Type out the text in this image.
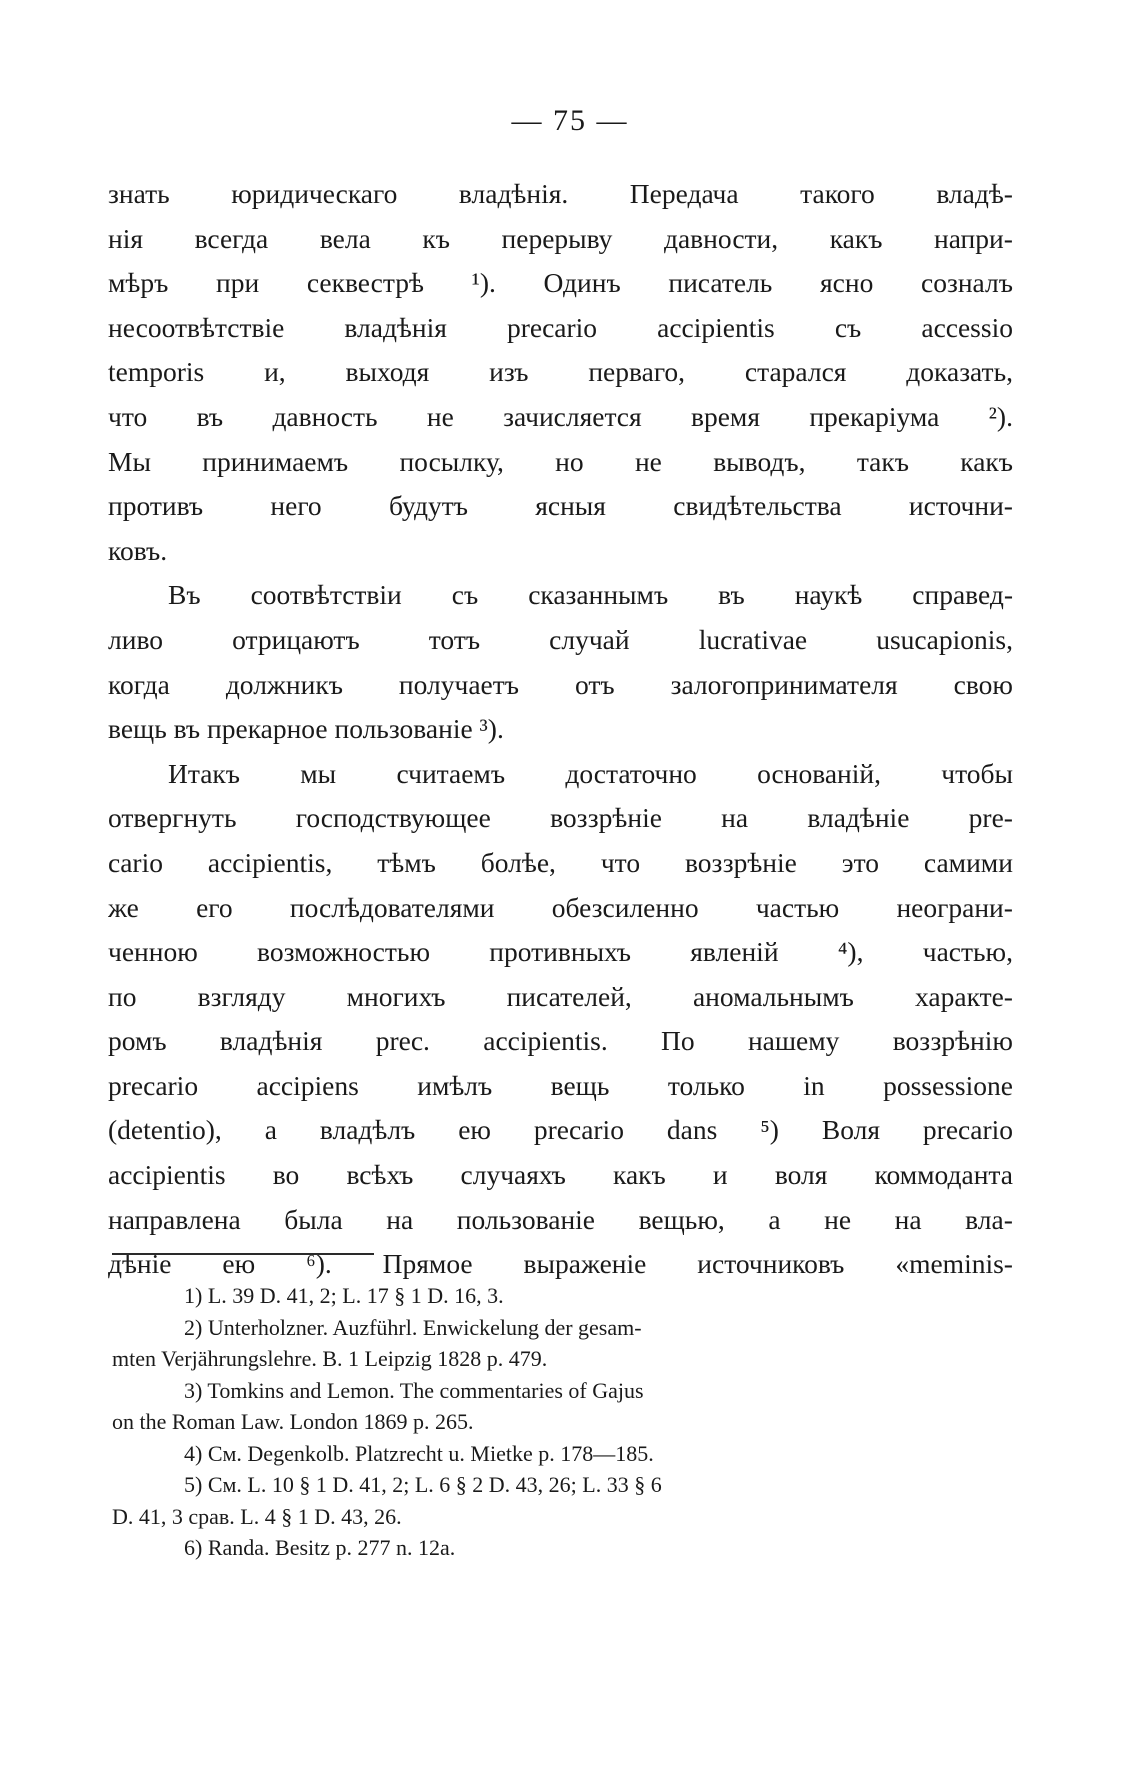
— 75 —
знать юридическаго владѣнія. Передача такого владѣ-
нія всегда вела къ перерыву давности, какъ напри-
мѣръ при секвестрѣ ¹). Одинъ писатель ясно созналъ
несоотвѣтствіе владѣнія precario accipientis съ accessio
temporis и, выходя изъ перваго, старался доказать,
что въ давность не зачисляется время прекаріума ²).
Мы принимаемъ посылку, но не выводъ, такъ какъ
противъ него будутъ ясныя свидѣтельства источни-
ковъ.
Въ соотвѣтствіи съ сказаннымъ въ наукѣ справед-
ливо	отрицаютъ	тотъ	случай	lucrativae	usucapionis,
когда должникъ получаетъ отъ залогопринимателя свою
вещь въ прекарное пользованіе ³).
Итакъ мы считаемъ достаточно основаній, чтобы
отвергнуть господствующее воззрѣніе на владѣніе pre-
cario accipientis, тѣмъ болѣе, что воззрѣніе это самими
же его послѣдователями обезсиленно частью неограни-
ченною возможностью противныхъ явленій ⁴), частью,
по взгляду многихъ писателей, аномальнымъ характе-
ромъ владѣнія prec. accipientis. По нашему воззрѣнію
precario accipiens имѣлъ вещь только in possessione
(detentio), а владѣлъ ею precario dans ⁵) Воля precario
accipientis во всѣхъ случаяхъ какъ и воля коммоданта
направлена была на пользованіе вещью, а не на вла-
дѣніе ею ⁶). Прямое выраженіе источниковъ «meminis-
1) L. 39 D. 41, 2; L. 17 § 1 D. 16, 3.
2) Unterholzner. Auzführl. Enwickelung der gesam-
mten Verjährungslehre. B. 1 Leipzig 1828 p. 479.
3) Tomkins and Lemon. The commentaries of Gajus
on the Roman Law. London 1869 p. 265.
4) См. Degenkolb. Platzrecht u. Mietke p. 178—185.
5) См. L. 10 § 1 D. 41, 2; L. 6 § 2 D. 43, 26; L. 33 § 6
D. 41, 3 срав. L. 4 § 1 D. 43, 26.
6) Randa. Besitz p. 277 n. 12a.
